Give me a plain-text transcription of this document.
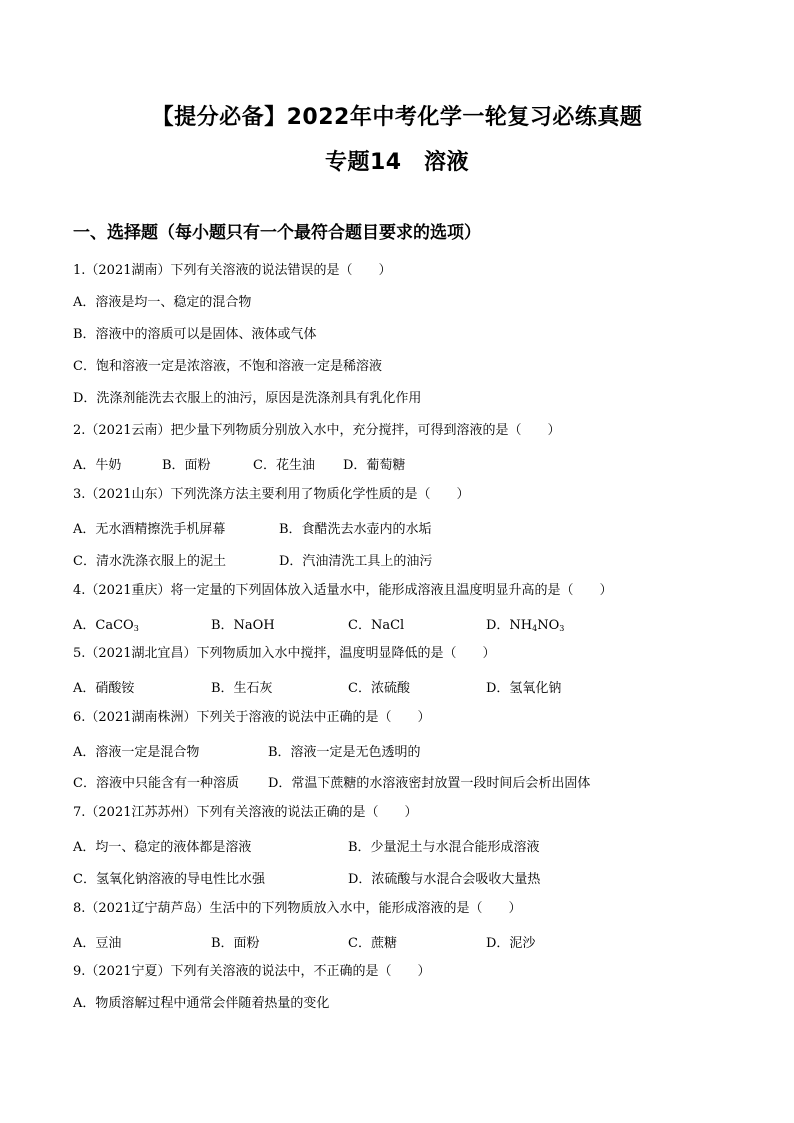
【提分必备】2022年中考化学一轮复习必练真题
专题14　溶液
一、选择题（每小题只有一个最符合题目要求的选项）
1.（2021湖南）下列有关溶液的说法错误的是（　　）
A．溶液是均一、稳定的混合物
B．溶液中的溶质可以是固体、液体或气体
C．饱和溶液一定是浓溶液，不饱和溶液一定是稀溶液
D．洗涤剂能洗去衣服上的油污，原因是洗涤剂具有乳化作用
2.（2021云南）把少量下列物质分别放入水中，充分搅拌，可得到溶液的是（　　）
A．牛奶	B．面粉	C．花生油 D．葡萄糖
3.（2021山东）下列洗涤方法主要利用了物质化学性质的是（　　）
A．无水酒精擦洗手机屏幕	B．食醋洗去水壶内的水垢
C．清水洗涤衣服上的泥土	D．汽油清洗工具上的油污
4.（2021重庆）将一定量的下列固体放入适量水中，能形成溶液且温度明显升高的是（　　）
A．CaCO$_3$	B．NaOH	C．NaCl	D．$NH_4NO_3$
5.（2021湖北宜昌）下列物质加入水中搅拌，温度明显降低的是（　　）
A．硝酸铵	B．生石灰	C．浓硫酸	D．氢氧化钠
6.（2021湖南株洲）下列关于溶液的说法中正确的是（　　）
A．溶液一定是混合物	B．溶液一定是无色透明的
C．溶液中只能含有一种溶质 D．常温下蔗糖的水溶液密封放置一段时间后会析出固体
7.（2021江苏苏州）下列有关溶液的说法正确的是（　　）
A．均一、稳定的液体都是溶液	B．少量泥土与水混合能形成溶液
C．氢氧化钠溶液的导电性比水强	D．浓硫酸与水混合会吸收大量热
8.（2021辽宁葫芦岛）生活中的下列物质放入水中，能形成溶液的是（　　）
A．豆油	B．面粉	C．蔗糖	D．泥沙
9.（2021宁夏）下列有关溶液的说法中，不正确的是（　　）
A．物质溶解过程中通常会伴随着热量的变化
